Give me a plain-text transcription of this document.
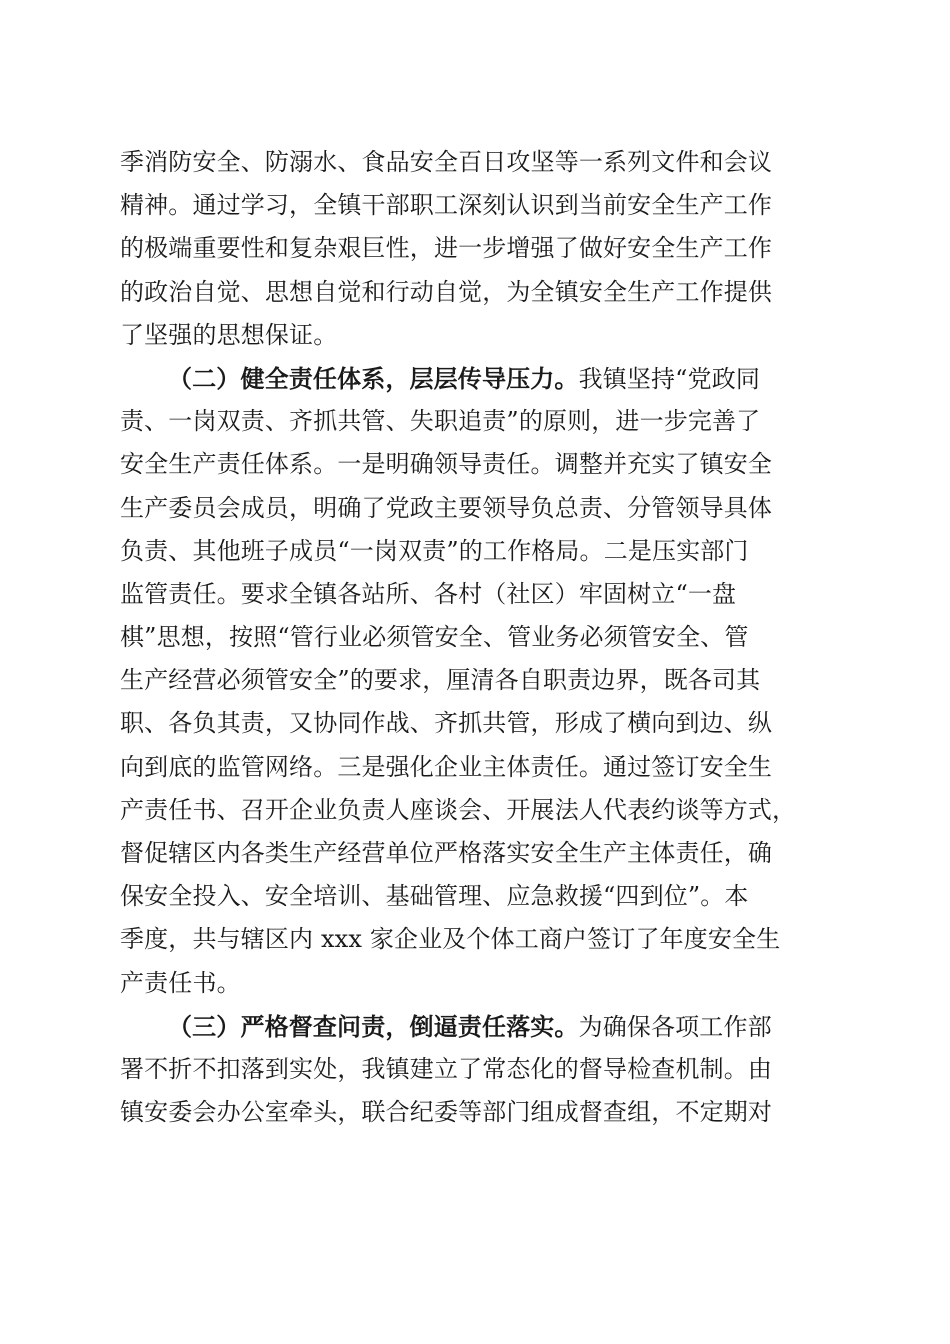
季消防安全、防溺水、食品安全百日攻坚等一系列文件和会议
精神。通过学习，全镇干部职工深刻认识到当前安全生产工作
的极端重要性和复杂艰巨性，进一步增强了做好安全生产工作
的政治自觉、思想自觉和行动自觉，为全镇安全生产工作提供
了坚强的思想保证。
（二）健全责任体系，层层传导压力。我镇坚持“党政同
责、一岗双责、齐抓共管、失职追责”的原则，进一步完善了
安全生产责任体系。一是明确领导责任。调整并充实了镇安全
生产委员会成员，明确了党政主要领导负总责、分管领导具体
负责、其他班子成员“一岗双责”的工作格局。二是压实部门
监管责任。要求全镇各站所、各村（社区）牢固树立“一盘
棋”思想，按照“管行业必须管安全、管业务必须管安全、管
生产经营必须管安全”的要求，厘清各自职责边界，既各司其
职、各负其责，又协同作战、齐抓共管，形成了横向到边、纵
向到底的监管网络。三是强化企业主体责任。通过签订安全生
产责任书、召开企业负责人座谈会、开展法人代表约谈等方式，
督促辖区内各类生产经营单位严格落实安全生产主体责任，确
保安全投入、安全培训、基础管理、应急救援“四到位”。本
季度，共与辖区内 xxx 家企业及个体工商户签订了年度安全生
产责任书。
（三）严格督查问责，倒逼责任落实。为确保各项工作部
署不折不扣落到实处，我镇建立了常态化的督导检查机制。由
镇安委会办公室牵头，联合纪委等部门组成督查组，不定期对
